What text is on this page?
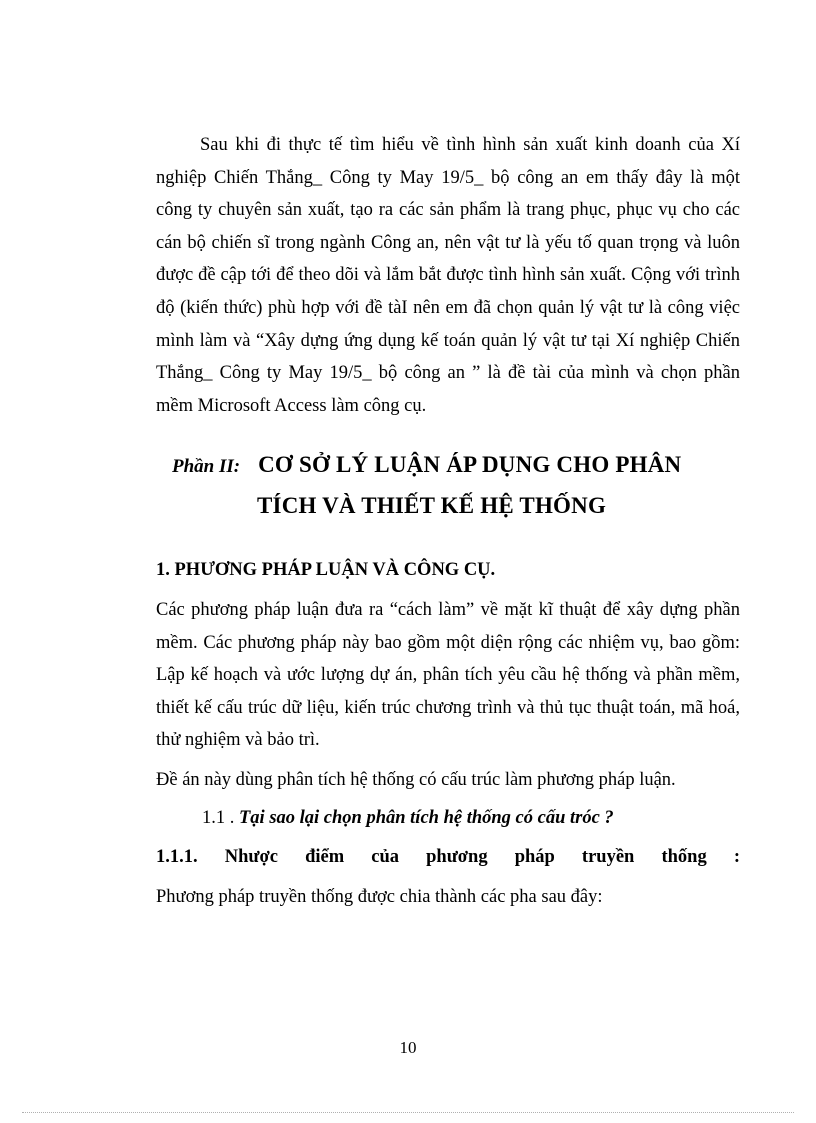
Sau khi đi thực tế tìm hiểu về tình hình sản xuất kinh doanh của Xí
nghiệp Chiến Thắng_ Công ty May 19/5_ bộ công an em thấy đây là một
công ty chuyên sản xuất, tạo ra các sản phẩm là trang phục, phục vụ cho các
cán bộ chiến sĩ trong ngành Công an, nên vật tư là yếu tố quan trọng và luôn
được đề cập tới để theo dõi và lắm bắt được tình hình sản xuất. Cộng với trình
độ (kiến thức) phù hợp với đề tàI nên em đã chọn quản lý vật tư là công việc
mình làm và “Xây dựng ứng dụng kế toán quản lý vật tư tại Xí nghiệp Chiến
Thắng_ Công ty May 19/5_ bộ công an ” là đề tài của mình và chọn phần
mềm Microsoft Access làm công cụ.
Phần II: CƠ SỞ LÝ LUẬN ÁP DỤNG CHO PHÂN
TÍCH VÀ THIẾT KẾ HỆ THỐNG
1. PHƯƠNG PHÁP LUẬN VÀ CÔNG CỤ.
Các phương pháp luận đưa ra “cách làm” về mặt kĩ thuật để xây dựng phần
mềm. Các phương pháp này bao gồm một diện rộng các nhiệm vụ, bao gồm:
Lập kế hoạch và ước lượng dự án, phân tích yêu cầu hệ thống và phần mềm,
thiết kế cấu trúc dữ liệu, kiến trúc chương trình và thủ tục thuật toán, mã hoá,
thử nghiệm và bảo trì.
Đề án này dùng phân tích hệ thống có cấu trúc làm phương pháp luận.
1.1 . Tại sao lại chọn phân tích hệ thống có cấu tróc ?
1.1.1. Nhược điểm của phương pháp truyền thống :
Phương pháp truyền thống được chia thành các pha sau đây:
10
